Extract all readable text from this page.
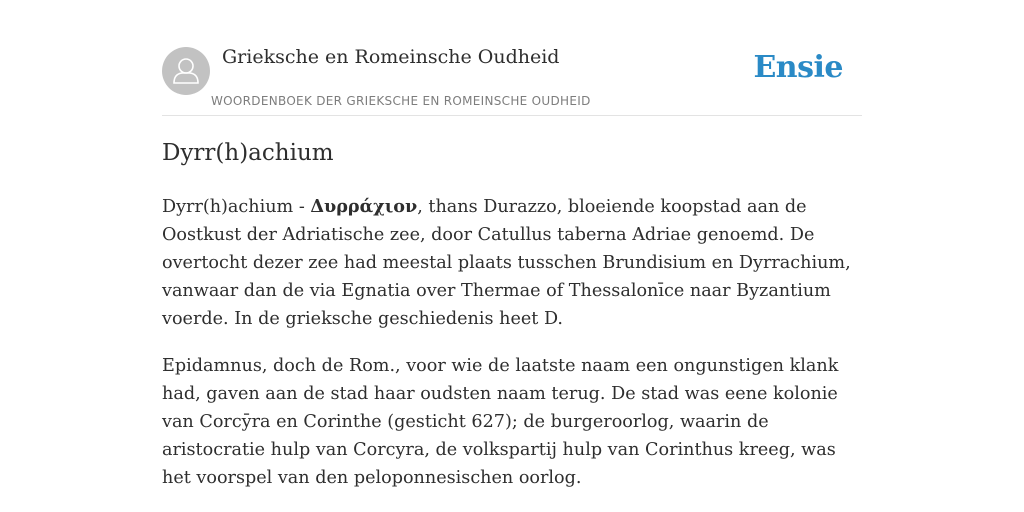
Grieksche en Romeinsche Oudheid
WOORDENBOEK DER GRIEKSCHE EN ROMEINSCHE OUDHEID
Ensie
Dyrr(h)achium

Dyrr(h)achium - Δυρράχιον, thans Durazzo, bloeiende koopstad aan de Oostkust der Adriatische zee, door Catullus taberna Adriae genoemd. De overtocht dezer zee had meestal plaats tusschen Brundisium en Dyrrachium, vanwaar dan de via Egnatia over Thermae of Thessalonīce naar Byzantium voerde. In de grieksche geschiedenis heet D.

Epidamnus, doch de Rom., voor wie de laatste naam een ongunstigen klank had, gaven aan de stad haar oudsten naam terug. De stad was eene kolonie van Corcȳra en Corinthe (gesticht 627); de burgeroorlog, waarin de aristocratie hulp van Corcyra, de volkspartij hulp van Corinthus kreeg, was het voorspel van den peloponnesischen oorlog.
